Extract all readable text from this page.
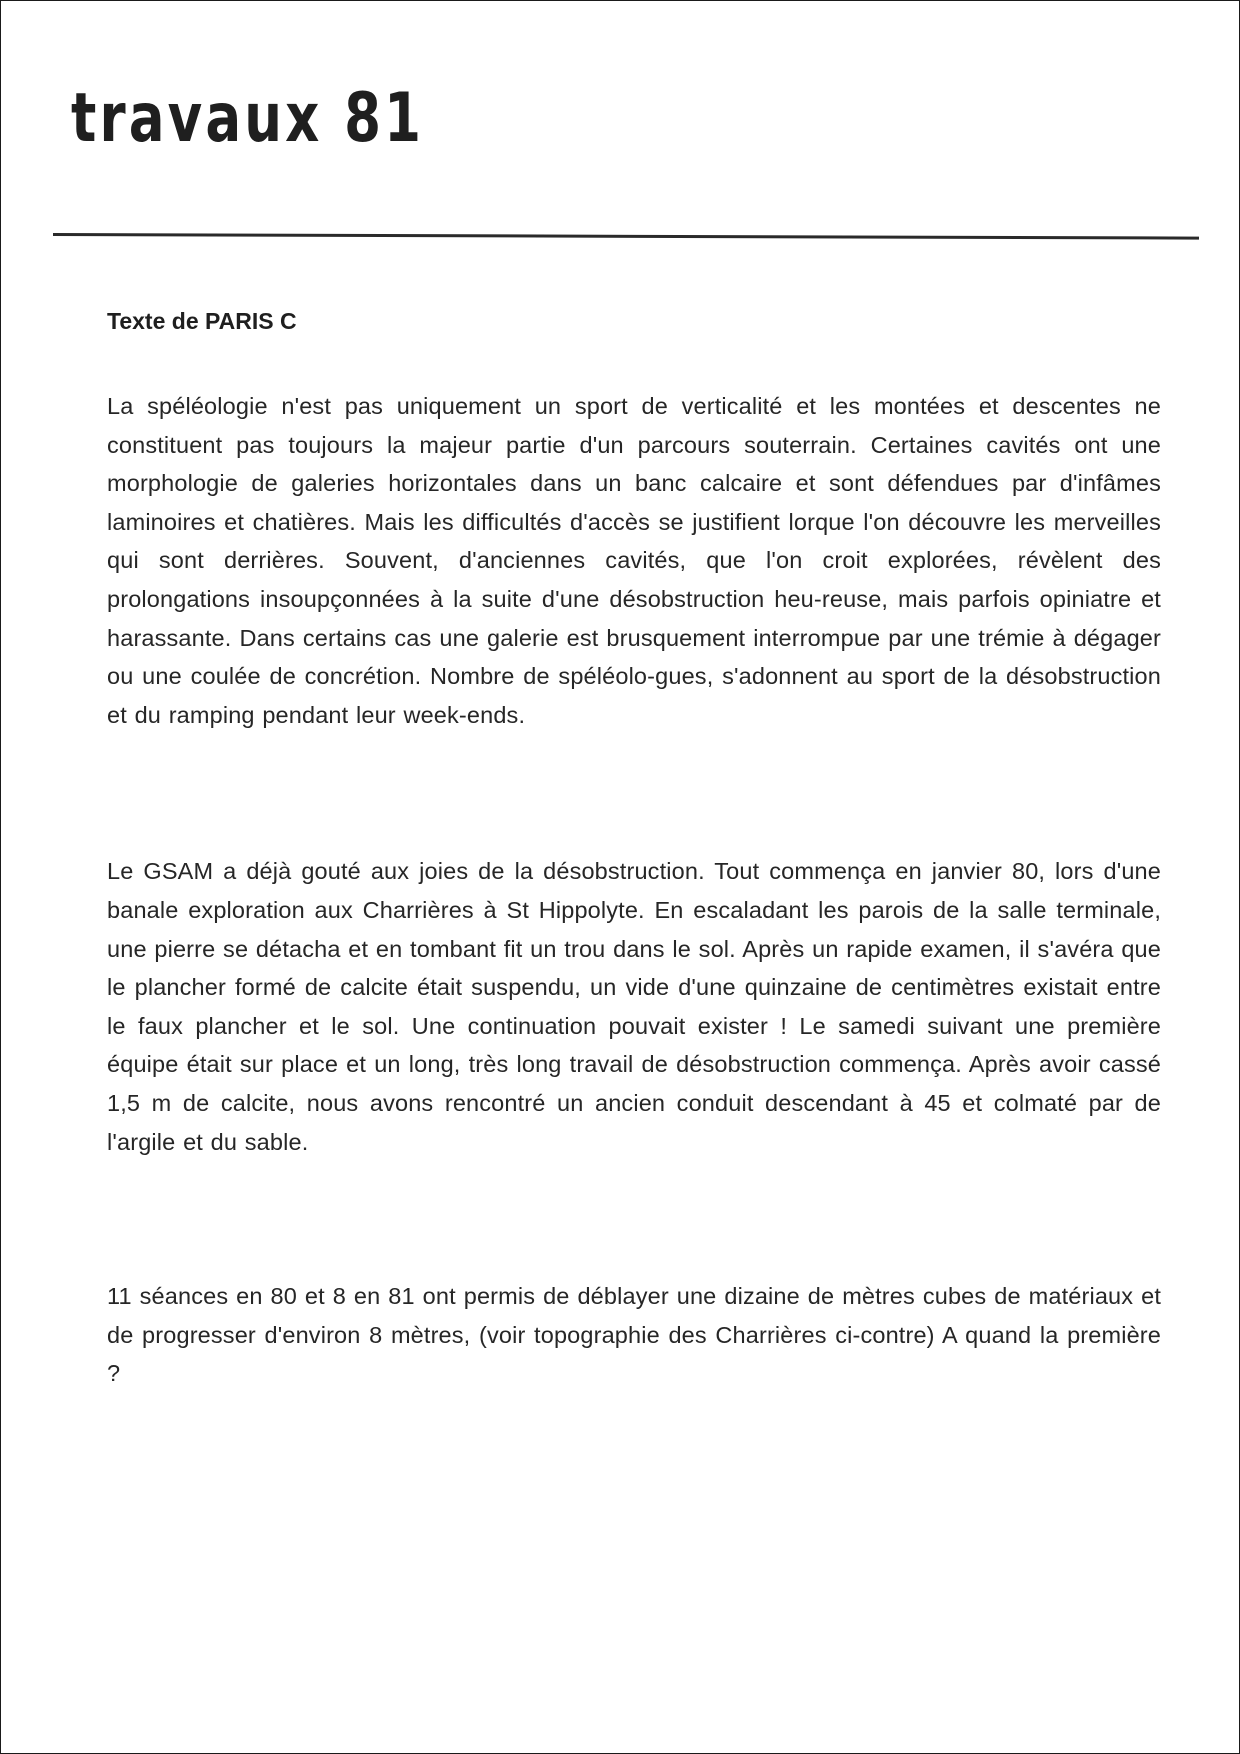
travaux 81
Texte de PARIS C

La spéléologie n'est pas uniquement un sport de verticalité et les montées et descentes ne constituent pas toujours la majeur partie d'un parcours souterrain. Certaines cavités ont une morphologie de galeries horizontales dans un banc calcaire et sont défendues par d'infâmes laminoires et chatières. Mais les difficultés d'accès se justifient lorque l'on découvre les merveilles qui sont derrières. Souvent, d'anciennes cavités, que l'on croit explorées, révèlent des prolongations insoupçonnées à la suite d'une désobstruction heu-reuse, mais parfois opiniatre et harassante. Dans certains cas une galerie est brusquement interrompue par une trémie à dégager ou une coulée de concrétion. Nombre de spéléolo-gues, s'adonnent au sport de la désobstruction et du ramping pendant leur week-ends.

Le GSAM a déjà gouté aux joies de la désobstruction. Tout commença en janvier 80, lors d'une banale exploration aux Charrières à St Hippolyte. En escaladant les parois de la salle terminale, une pierre se détacha et en tombant fit un trou dans le sol. Après un rapide examen, il s'avéra que le plancher formé de calcite était suspendu, un vide d'une quinzaine de centimètres existait entre le faux plancher et le sol. Une continuation pouvait exister ! Le samedi suivant une première équipe était sur place et un long, très long travail de désobstruction commença. Après avoir cassé 1,5 m de calcite, nous avons rencontré un ancien conduit descendant à 45 et colmaté par de l'argile et du sable.

11 séances en 80 et 8 en 81 ont permis de déblayer une dizaine de mètres cubes de matériaux et de progresser d'environ 8 mètres, (voir topographie des Charrières ci-contre) A quand la première ?
